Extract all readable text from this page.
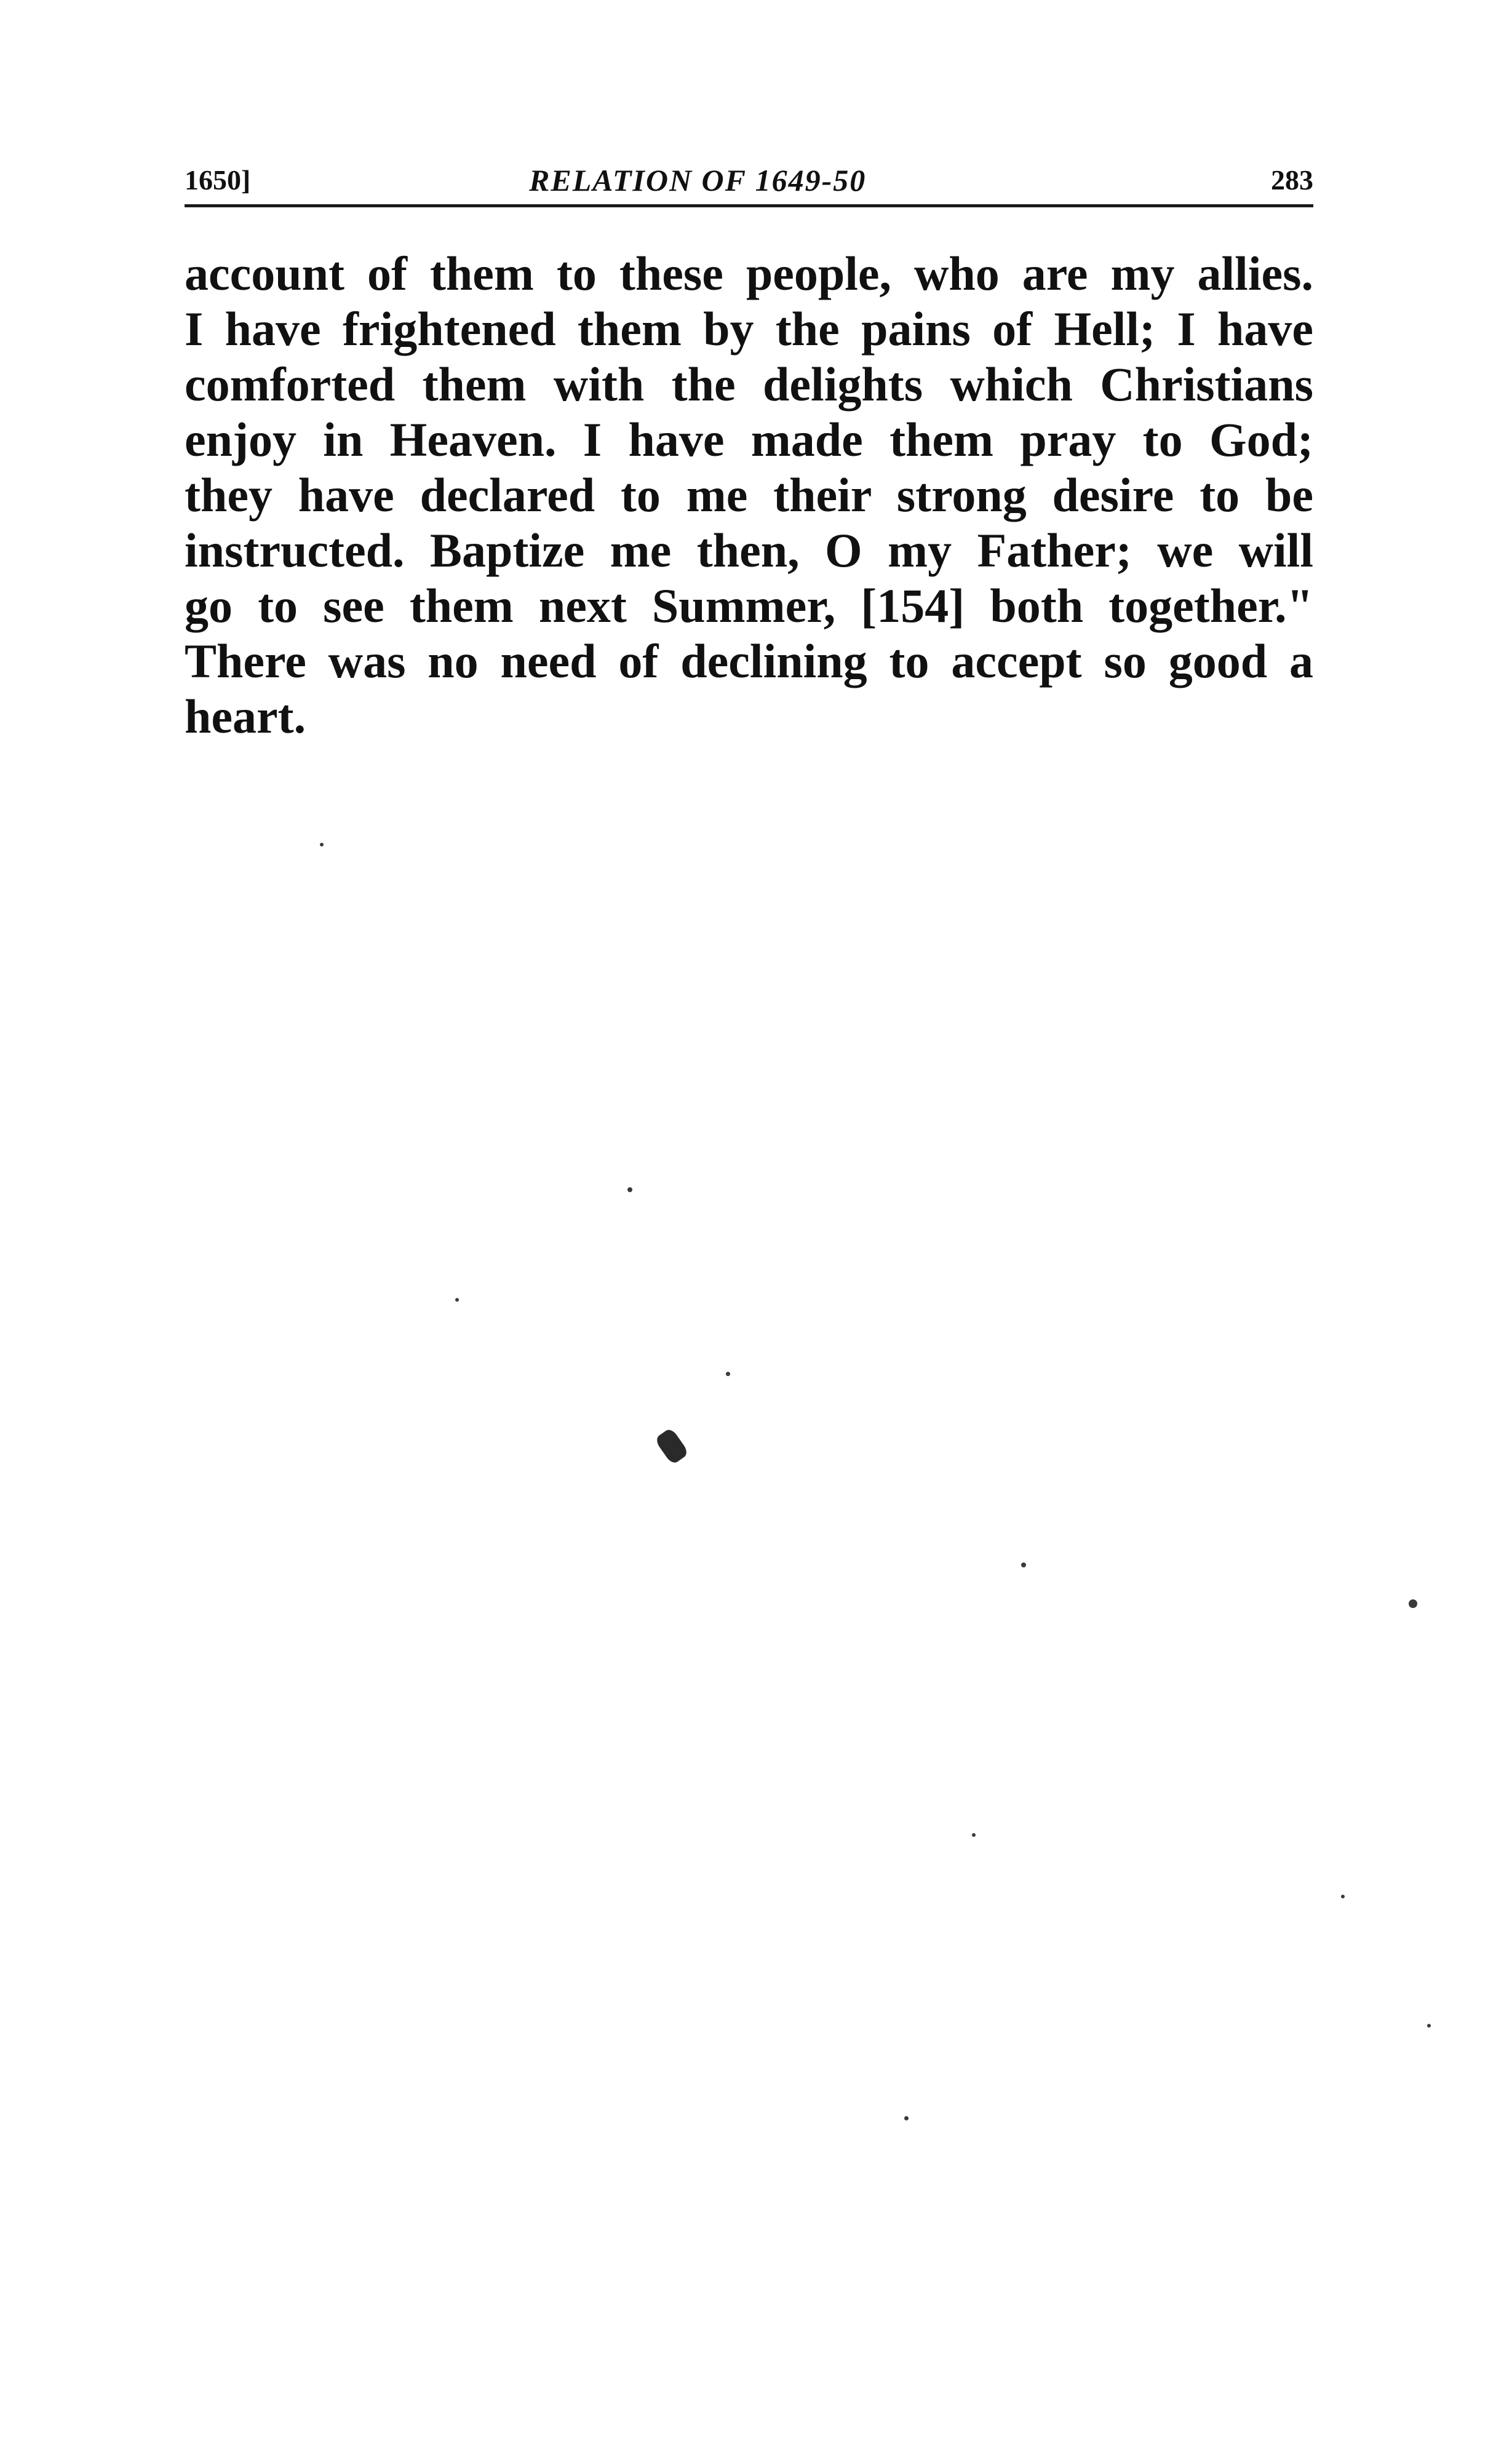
1650]	RELATION OF 1649-50	283
account of them to these people, who are my allies.
I have frightened them by the pains of Hell; I have
comforted them with the delights which Christians
enjoy in Heaven. I have made them pray to God;
they have declared to me their strong desire to be
instructed. Baptize me then, O my Father; we will
go to see them next Summer, [154] both together."
There was no need of declining to accept so good a
heart.
